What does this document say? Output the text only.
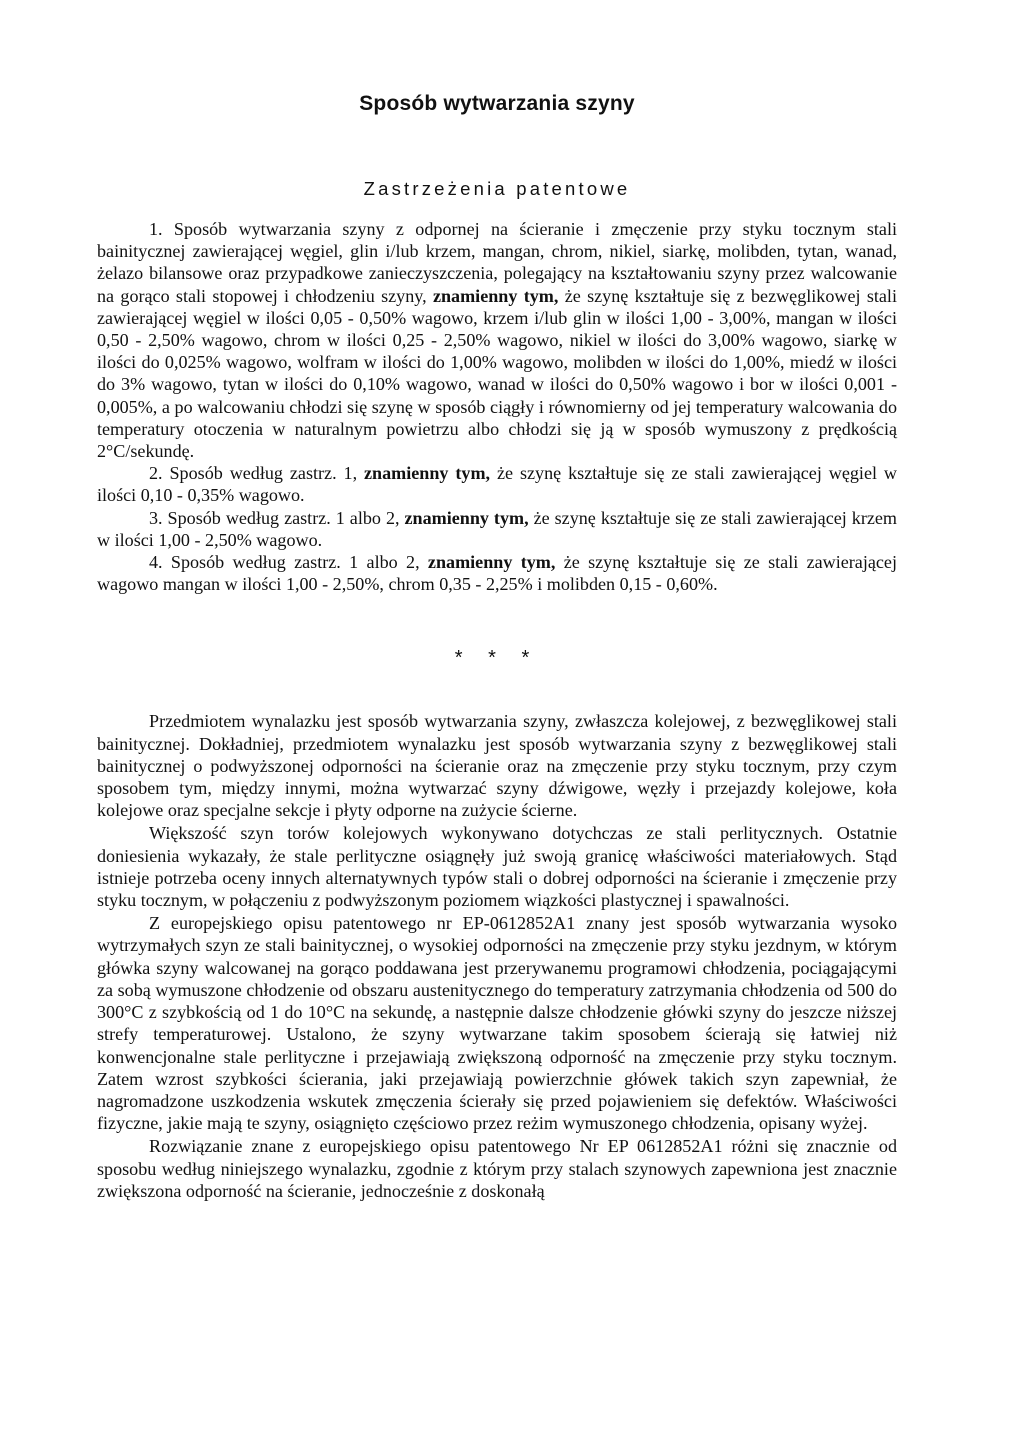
Sposób wytwarzania szyny
Zastrzeżenia patentowe

1. Sposób wytwarzania szyny z odpornej na ścieranie i zmęczenie przy styku tocznym stali bainitycznej zawierającej węgiel, glin i/lub krzem, mangan, chrom, nikiel, siarkę, molibden, tytan, wanad, żelazo bilansowe oraz przypadkowe zanieczyszczenia, polegający na kształtowaniu szyny przez walcowanie na gorąco stali stopowej i chłodzeniu szyny, znamienny tym, że szynę kształtuje się z bezwęglikowej stali zawierającej węgiel w ilości 0,05 - 0,50% wagowo, krzem i/lub glin w ilości 1,00 - 3,00%, mangan w ilości 0,50 - 2,50% wagowo, chrom w ilości 0,25 - 2,50% wagowo, nikiel w ilości do 3,00% wagowo, siarkę w ilości do 0,025% wagowo, wolfram w ilości do 1,00% wagowo, molibden w ilości do 1,00%, miedź w ilości do 3% wagowo, tytan w ilości do 0,10% wagowo, wanad w ilości do 0,50% wagowo i bor w ilości 0,001 - 0,005%, a po walcowaniu chłodzi się szynę w sposób ciągły i równomierny od jej temperatury walcowania do temperatury otoczenia w naturalnym powietrzu albo chłodzi się ją w sposób wymuszony z prędkością 2°C/sekundę.

2. Sposób według zastrz. 1, znamienny tym, że szynę kształtuje się ze stali zawierającej węgiel w ilości 0,10 - 0,35% wagowo.

3. Sposób według zastrz. 1 albo 2, znamienny tym, że szynę kształtuje się ze stali zawierającej krzem w ilości 1,00 - 2,50% wagowo.

4. Sposób według zastrz. 1 albo 2, znamienny tym, że szynę kształtuje się ze stali zawierającej wagowo mangan w ilości 1,00 - 2,50%, chrom 0,35 - 2,25% i molibden 0,15 - 0,60%.

* * *

Przedmiotem wynalazku jest sposób wytwarzania szyny, zwłaszcza kolejowej, z bezwęglikowej stali bainitycznej. Dokładniej, przedmiotem wynalazku jest sposób wytwarzania szyny z bezwęglikowej stali bainitycznej o podwyższonej odporności na ścieranie oraz na zmęczenie przy styku tocznym, przy czym sposobem tym, między innymi, można wytwarzać szyny dźwigowe, węzły i przejazdy kolejowe, koła kolejowe oraz specjalne sekcje i płyty odporne na zużycie ścierne.

Większość szyn torów kolejowych wykonywano dotychczas ze stali perlitycznych. Ostatnie doniesienia wykazały, że stale perlityczne osiągnęły już swoją granicę właściwości materiałowych. Stąd istnieje potrzeba oceny innych alternatywnych typów stali o dobrej odporności na ścieranie i zmęczenie przy styku tocznym, w połączeniu z podwyższonym poziomem wiązkości plastycznej i spawalności.

Z europejskiego opisu patentowego nr EP-0612852A1 znany jest sposób wytwarzania wysoko wytrzymałych szyn ze stali bainitycznej, o wysokiej odporności na zmęczenie przy styku jezdnym, w którym główka szyny walcowanej na gorąco poddawana jest przerywanemu programowi chłodzenia, pociągającymi za sobą wymuszone chłodzenie od obszaru austenitycznego do temperatury zatrzymania chłodzenia od 500 do 300°C z szybkością od 1 do 10°C na sekundę, a następnie dalsze chłodzenie główki szyny do jeszcze niższej strefy temperaturowej. Ustalono, że szyny wytwarzane takim sposobem ścierają się łatwiej niż konwencjonalne stale perlityczne i przejawiają zwiększoną odporność na zmęczenie przy styku tocznym. Zatem wzrost szybkości ścierania, jaki przejawiają powierzchnie główek takich szyn zapewniał, że nagromadzone uszkodzenia wskutek zmęczenia ścierały się przed pojawieniem się defektów. Właściwości fizyczne, jakie mają te szyny, osiągnięto częściowo przez reżim wymuszonego chłodzenia, opisany wyżej.

Rozwiązanie znane z europejskiego opisu patentowego Nr EP 0612852A1 różni się znacznie od sposobu według niniejszego wynalazku, zgodnie z którym przy stalach szynowych zapewniona jest znacznie zwiększona odporność na ścieranie, jednocześnie z doskonałą
